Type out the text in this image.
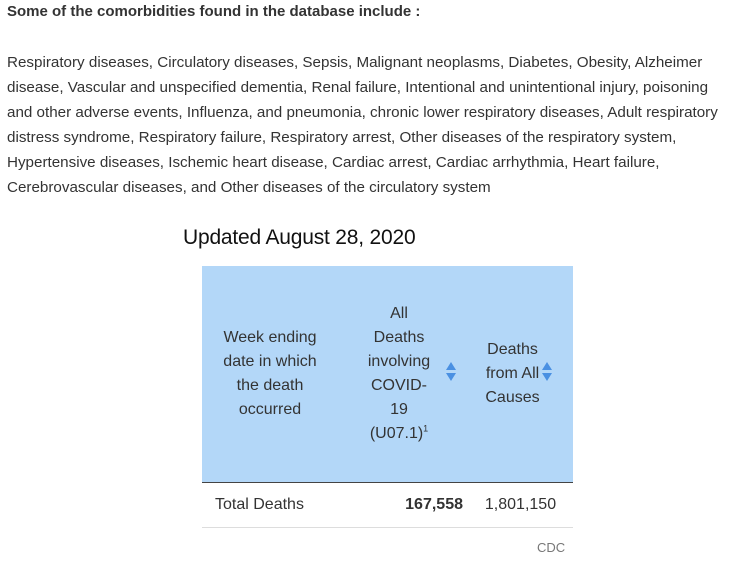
Some of the comorbidities found in the database include :

Respiratory diseases, Circulatory diseases, Sepsis, Malignant neoplasms, Diabetes, Obesity, Alzheimer disease, Vascular and unspecified dementia, Renal failure, Intentional and unintentional injury, poisoning and other adverse events, Influenza, and pneumonia, chronic lower respiratory diseases, Adult respiratory distress syndrome, Respiratory failure, Respiratory arrest, Other diseases of the respiratory system, Hypertensive diseases, Ischemic heart disease, Cardiac arrest, Cardiac arrhythmia, Heart failure, Cerebrovascular diseases, and Other diseases of the circulatory system

Updated August 28, 2020
Week ending date in which the death occurred	All Deaths involving COVID-19 $(U07.1)^1$	Deaths from All Causes

Total Deaths	167,558	1,801,150
CDC
